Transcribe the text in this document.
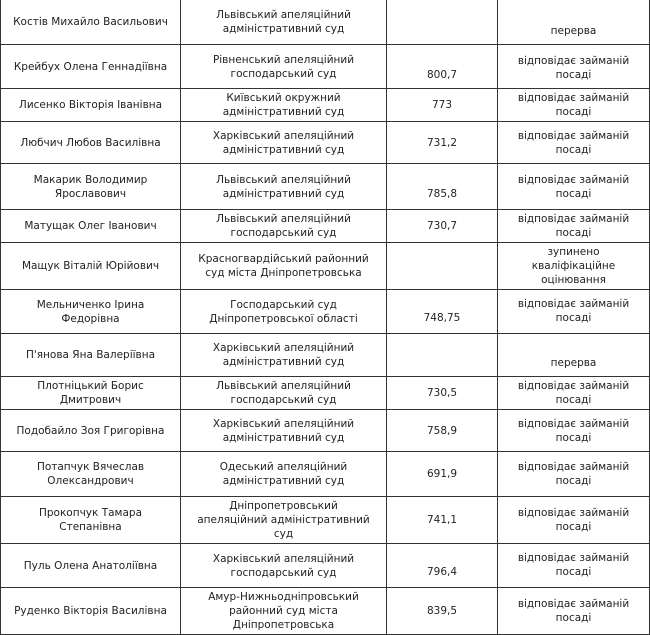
Костів Михайло Васильович	Львівський апеляційний адміністративний суд		перерва
Крейбух Олена Геннадіївна	Рівненський апеляційний господарський суд	800,7	відповідає займаній посаді
Лисенко Вікторія Іванівна	Київський окружний адміністративний суд	773	відповідає займаній посаді
Любчич Любов Василівна	Харківський апеляційний адміністративний суд	731,2	відповідає займаній посаді
Макарик Володимир Ярославович	Львівський апеляційний адміністративний суд	785,8	відповідає займаній посаді
Матущак Олег Іванович	Львівський апеляційний господарський суд	730,7	відповідає займаній посаді
Мащук Віталій Юрійович	Красногвардійський районний суд міста Дніпропетровська		зупинено кваліфікаційне оцінювання
Мельниченко Ірина Федорівна	Господарський суд Дніпропетровської області	748,75	відповідає займаній посаді
П'янова Яна Валеріївна	Харківський апеляційний адміністративний суд		перерва
Плотніцький Борис Дмитрович	Львівський апеляційний господарський суд	730,5	відповідає займаній посаді
Подобайло Зоя Григорівна	Харківський апеляційний адміністративний суд	758,9	відповідає займаній посаді
Потапчук Вячеслав Олександрович	Одеський апеляційний адміністративний суд	691,9	відповідає займаній посаді
Прокопчук Тамара Степанівна	Дніпропетровський апеляційний адміністративний суд	741,1	відповідає займаній посаді
Пуль Олена Анатоліївна	Харківський апеляційний господарський суд	796,4	відповідає займаній посаді
Руденко Вікторія Василівна	Амур-Нижньодніпровський районний суд міста Дніпропетровська	839,5	відповідає займаній посаді
